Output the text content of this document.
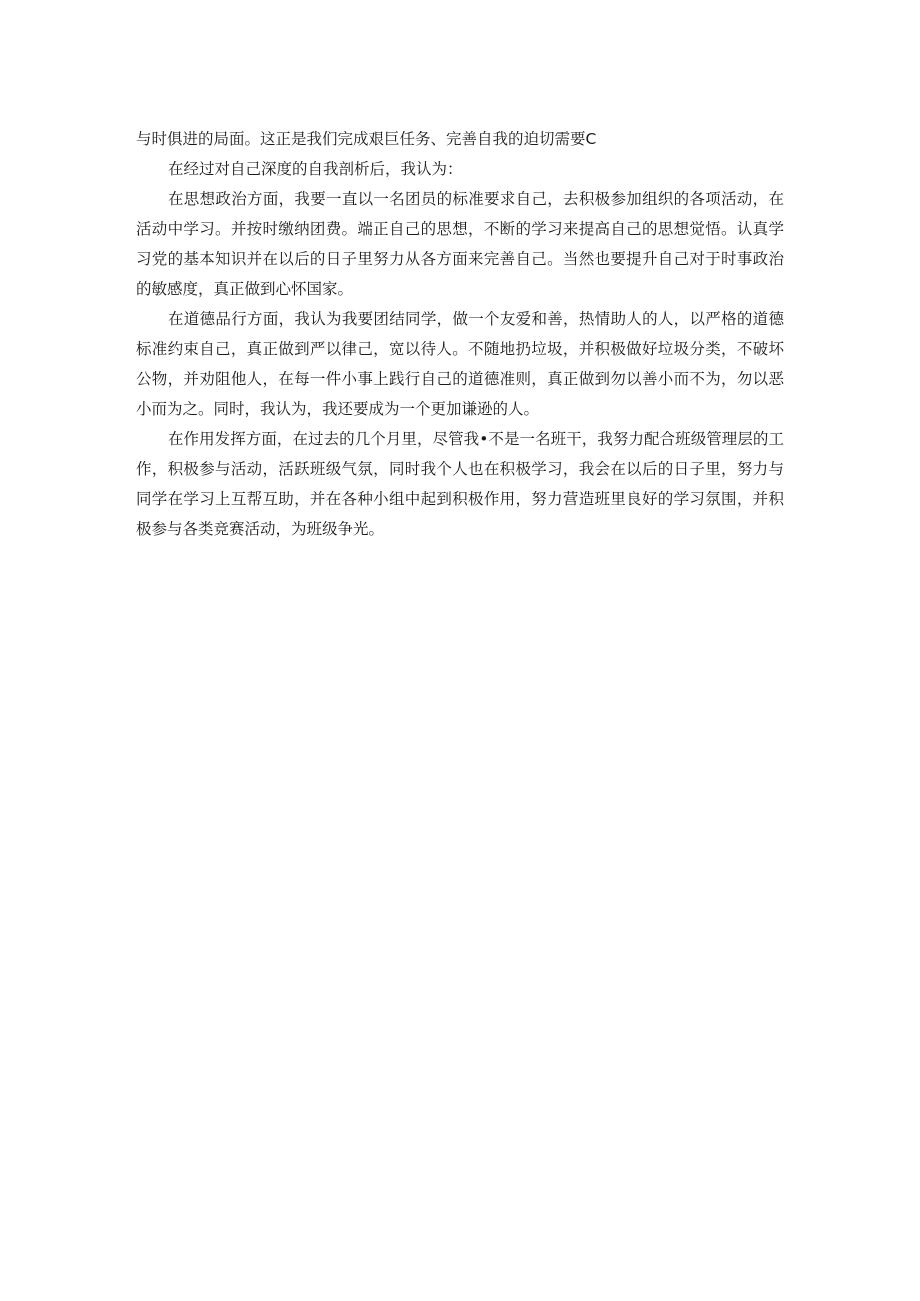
与时俱进的局面。这正是我们完成艰巨任务、完善自我的迫切需要C

在经过对自己深度的自我剖析后，我认为：

在思想政治方面，我要一直以一名团员的标准要求自己，去积极参加组织的各项活动，在活动中学习。并按时缴纳团费。端正自己的思想，不断的学习来提高自己的思想觉悟。认真学习党的基本知识并在以后的日子里努力从各方面来完善自己。当然也要提升自己对于时事政治的敏感度，真正做到心怀国家。

在道德品行方面，我认为我要团结同学，做一个友爱和善，热情助人的人，以严格的道德标准约束自己，真正做到严以律己，宽以待人。不随地扔垃圾，并积极做好垃圾分类，不破坏公物，并劝阻他人，在每一件小事上践行自己的道德准则，真正做到勿以善小而不为，勿以恶小而为之。同时，我认为，我还要成为一个更加谦逊的人。

在作用发挥方面，在过去的几个月里，尽管我•不是一名班干，我努力配合班级管理层的工作，积极参与活动，活跃班级气氛，同时我个人也在积极学习，我会在以后的日子里，努力与同学在学习上互帮互助，并在各种小组中起到积极作用，努力营造班里良好的学习氛围，并积极参与各类竞赛活动，为班级争光。
